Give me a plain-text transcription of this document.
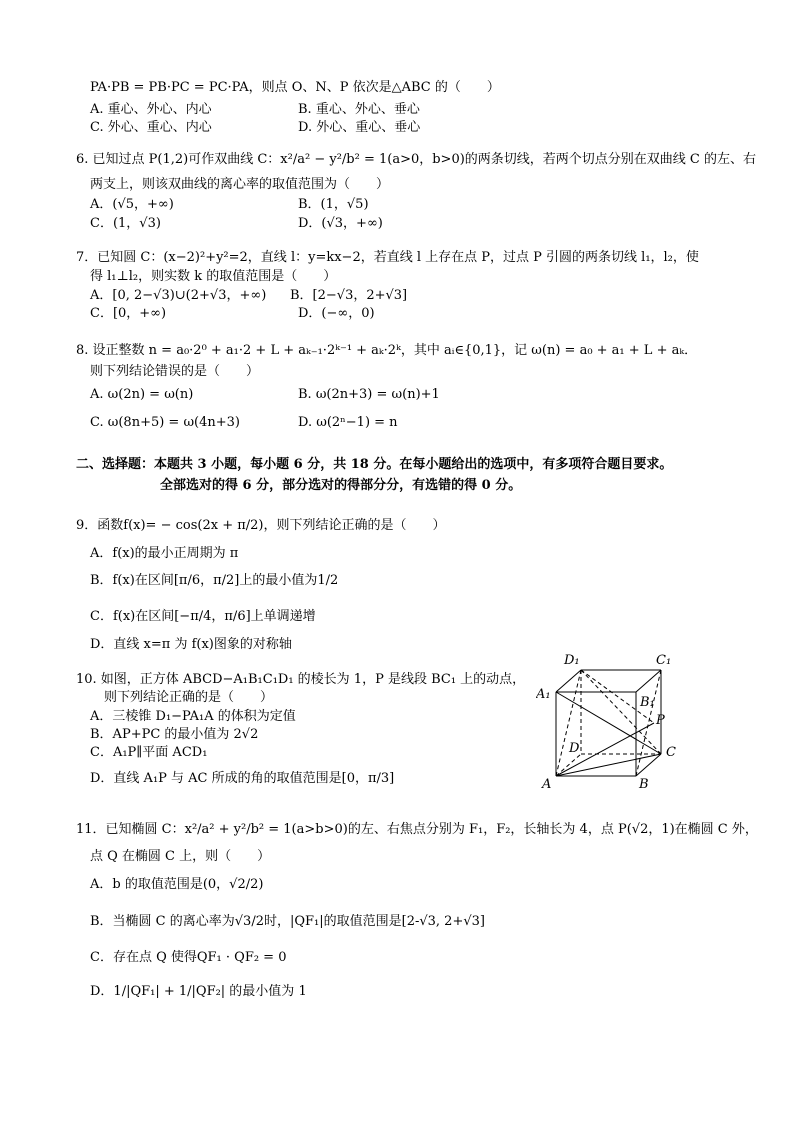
PA·PB = PB·PC = PC·PA，则点 O、N、P 依次是△ABC 的（　　）
A. 重心、外心、内心	B. 重心、外心、垂心
C. 外心、重心、内心	D. 外心、重心、垂心
6. 已知过点 P(1,2)可作双曲线 C：x²/a² − y²/b² = 1(a>0，b>0)的两条切线，若两个切点分别在双曲线 C 的左、右
两支上，则该双曲线的离心率的取值范围为（　　）
A．(√5，+∞)	B．(1，√5)
C．(1，√3)	D．(√3，+∞)
7．已知圆 C：(x−2)²+y²=2，直线 l：y=kx−2，若直线 l 上存在点 P，过点 P 引圆的两条切线 l₁，l₂，使
得 l₁⊥l₂，则实数 k 的取值范围是（　　）
A．[0, 2−√3)∪(2+√3，+∞) B．[2−√3，2+√3]
C．[0，+∞)	D．(−∞，0)
8. 设正整数 n = a₀·2⁰ + a₁·2 + L + aₖ₋₁·2ᵏ⁻¹ + aₖ·2ᵏ，其中 aᵢ∈{0,1}，记 ω(n) = a₀ + a₁ + L + aₖ．
则下列结论错误的是（　　）
A. ω(2n) = ω(n)	B. ω(2n+3) = ω(n)+1
C. ω(8n+5) = ω(4n+3)	D. ω(2ⁿ−1) = n
二、选择题：本题共 3 小题，每小题 6 分，共 18 分。在每小题给出的选项中，有多项符合题目要求。
全部选对的得 6 分，部分选对的得部分分，有选错的得 0 分。
9．函数f(x)= − cos(2x + π/2)，则下列结论正确的是（　　）
A．f(x)的最小正周期为 π
B．f(x)在区间[π/6，π/2]上的最小值为1/2
C．f(x)在区间[−π/4，π/6]上单调递增
D．直线 x=π 为 f(x)图象的对称轴
10. 如图，正方体 ABCD−A₁B₁C₁D₁ 的棱长为 1，P 是线段 BC₁ 上的动点，
则下列结论正确的是（　　）
A．三棱锥 D₁−PA₁A 的体积为定值
B．AP+PC 的最小值为 2√2
C．A₁P∥平面 ACD₁
D．直线 A₁P 与 AC 所成的角的取值范围是[0，π/3]
D₁	C₁
A₁
B₁
P
D	C
A	B
11．已知椭圆 C：x²/a² + y²/b² = 1(a>b>0)的左、右焦点分别为 F₁，F₂，长轴长为 4，点 P(√2，1)在椭圆 C 外，
点 Q 在椭圆 C 上，则（　　）
A．b 的取值范围是(0，√2/2)
B．当椭圆 C 的离心率为√3/2时，|QF₁|的取值范围是[2-√3, 2+√3]
C．存在点 Q 使得QF₁ · QF₂ = 0
D．1/|QF₁| + 1/|QF₂| 的最小值为 1
